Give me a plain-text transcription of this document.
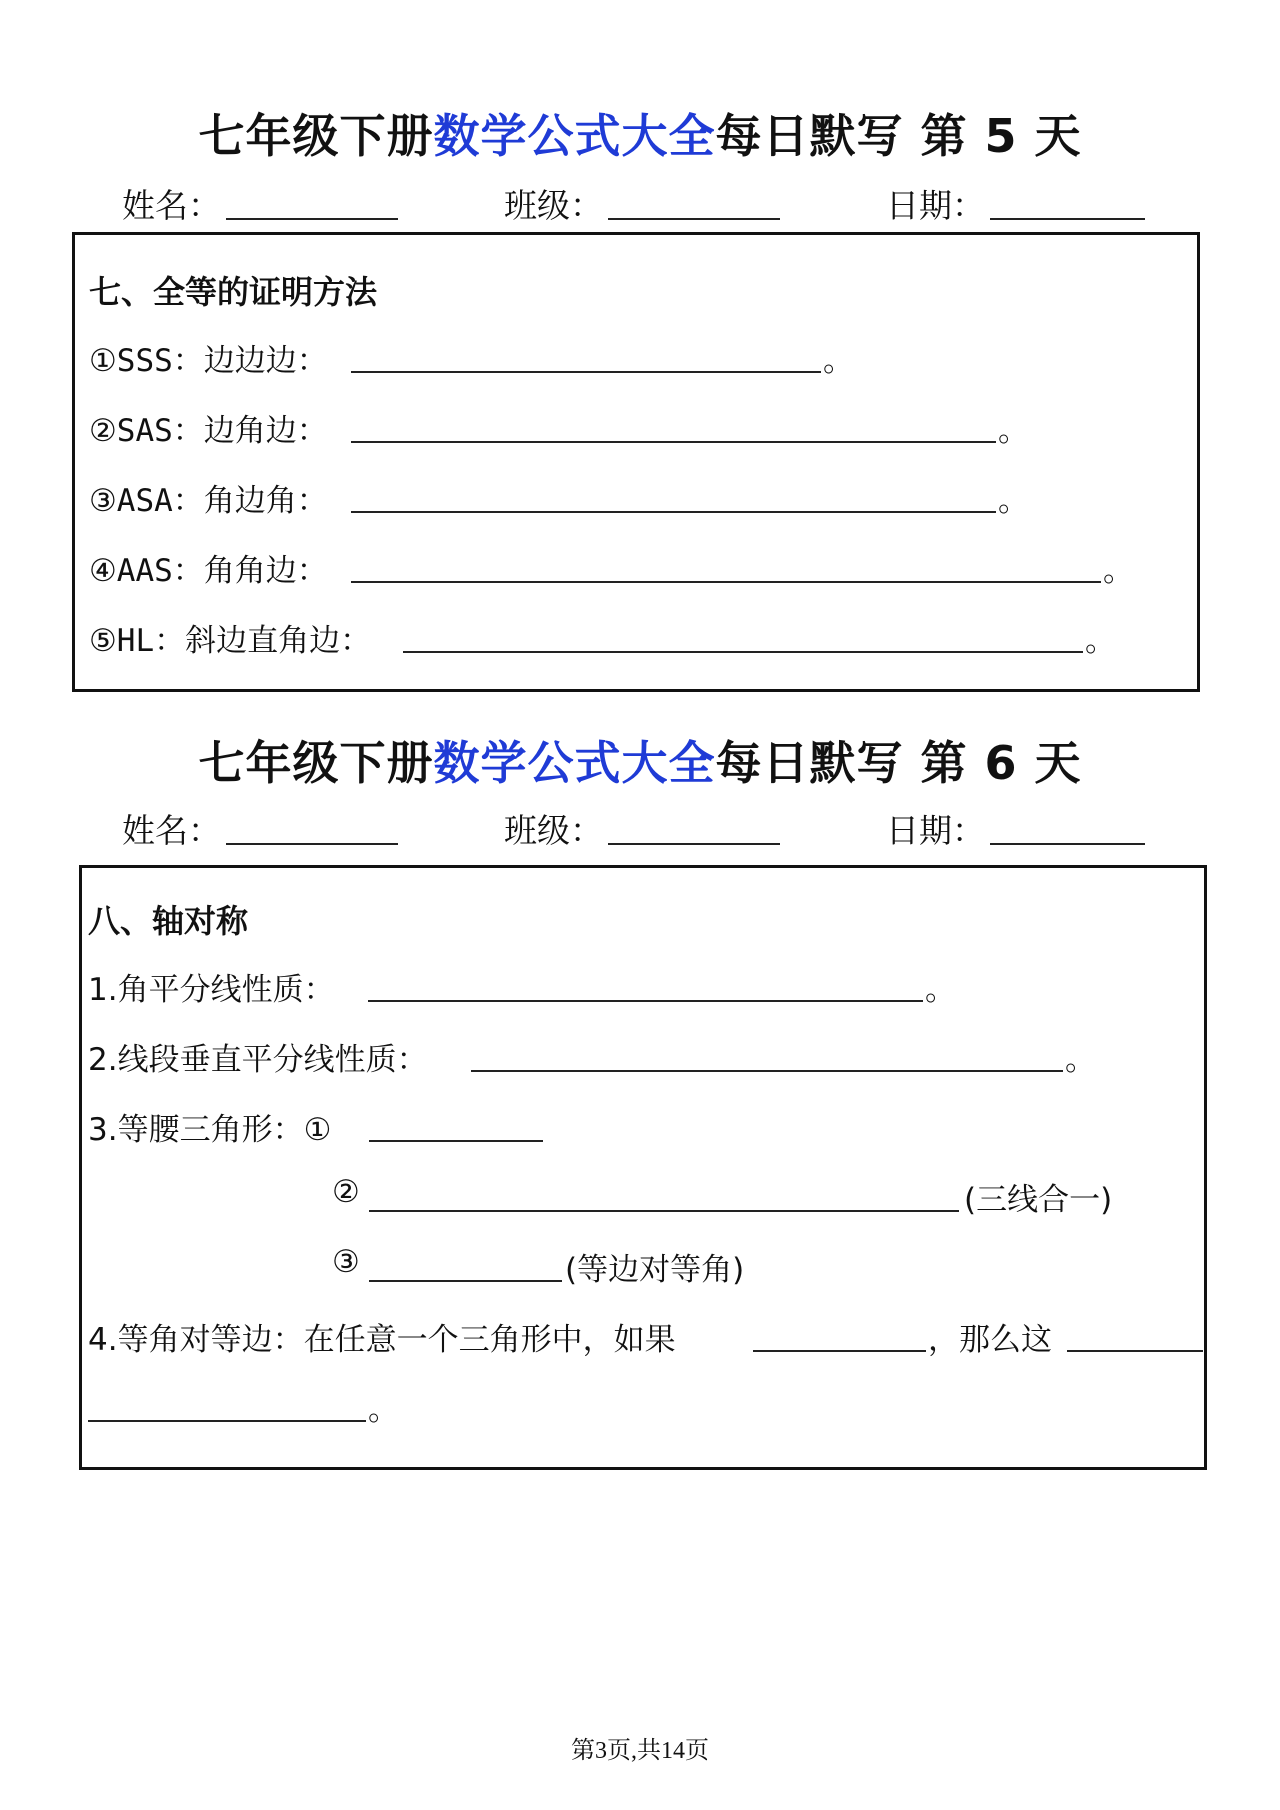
七年级下册数学公式大全每日默写 第 5 天
姓名：	班级：	日期：
七、全等的证明方法
①SSS：边边边：	。
②SAS：边角边：	。
③ASA：角边角：	。
④AAS：角角边：	。
⑤HL：斜边直角边：	。
七年级下册数学公式大全每日默写 第 6 天
姓名：	班级：	日期：
八、轴对称
1.角平分线性质：	。
2.线段垂直平分线性质：	。
3.等腰三角形：①
②	(三线合一)
③	(等边对等角)
4.等角对等边：在任意一个三角形中，如果	，那么这
。
第3页,共14页
